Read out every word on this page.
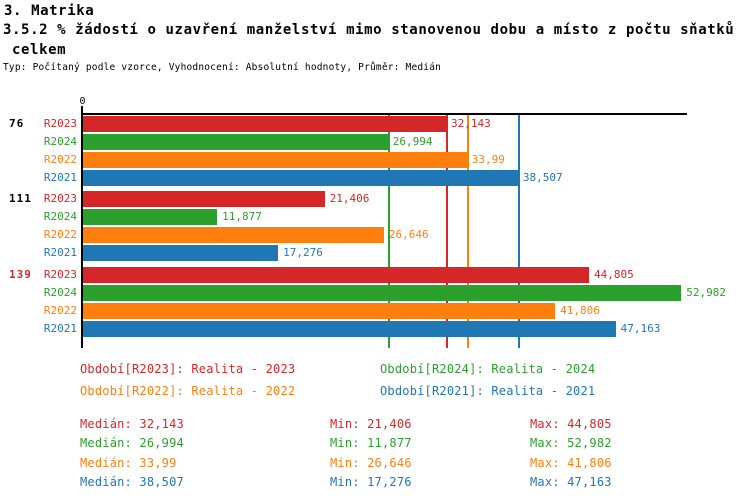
3. Matrika
3.5.2 % žádostí o uzavření manželství mimo stanovenou dobu a místo z počtu sňatků
celkem
Typ: Počítaný podle vzorce, Vyhodnocení: Absolutní hodnoty, Průměr: Medián
0
76	R2023	32,143
R2024	26,994
R2022	33,99
R2021	38,507
111	R2023	21,406
R2024	11,877
R2022	26,646
R2021	17,276
139	R2023	44,805
R2024	52,982
R2022	41,806
R2021	47,163
Období[R2023]: Realita - 2023	Období[R2024]: Realita - 2024
Období[R2022]: Realita - 2022	Období[R2021]: Realita - 2021
Medián: 32,143	Min: 21,406	Max: 44,805
Medián: 26,994	Min: 11,877	Max: 52,982
Medián: 33,99	Min: 26,646	Max: 41,806
Medián: 38,507	Min: 17,276	Max: 47,163
